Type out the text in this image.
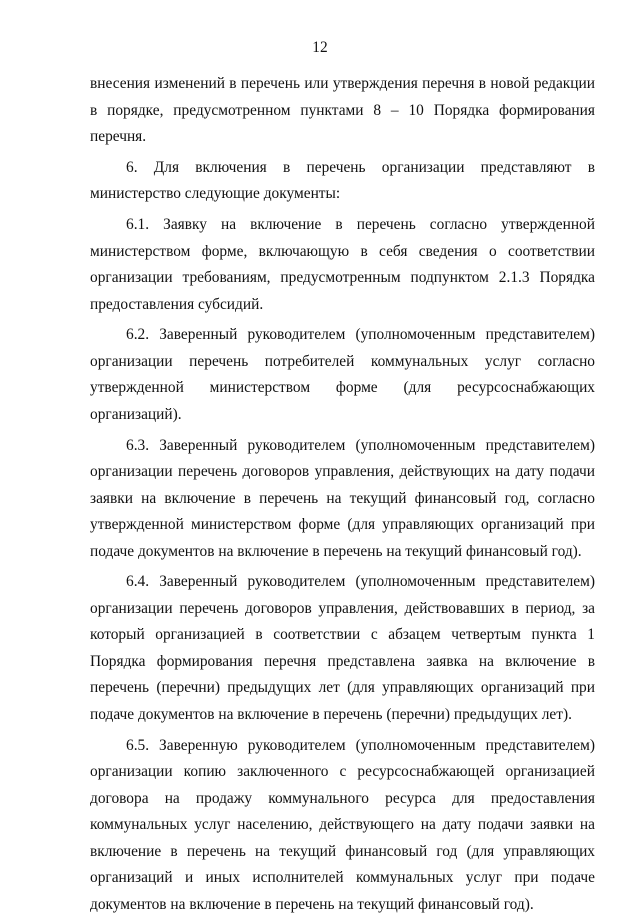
12

внесения изменений в перечень или утверждения перечня в новой редакции в порядке, предусмотренном пунктами 8 – 10 Порядка формирования перечня.

6. Для включения в перечень организации представляют в министерство следующие документы:

6.1. Заявку на включение в перечень согласно утвержденной министерством форме, включающую в себя сведения о соответствии организации требованиям, предусмотренным подпунктом 2.1.3 Порядка предоставления субсидий.

6.2. Заверенный руководителем (уполномоченным представителем) организации перечень потребителей коммунальных услуг согласно утвержденной министерством форме (для ресурсоснабжающих организаций).

6.3. Заверенный руководителем (уполномоченным представителем) организации перечень договоров управления, действующих на дату подачи заявки на включение в перечень на текущий финансовый год, согласно утвержденной министерством форме (для управляющих организаций при подаче документов на включение в перечень на текущий финансовый год).

6.4. Заверенный руководителем (уполномоченным представителем) организации перечень договоров управления, действовавших в период, за который организацией в соответствии с абзацем четвертым пункта 1 Порядка формирования перечня представлена заявка на включение в перечень (перечни) предыдущих лет (для управляющих организаций при подаче документов на включение в перечень (перечни) предыдущих лет).

6.5. Заверенную руководителем (уполномоченным представителем) организации копию заключенного с ресурсоснабжающей организацией договора на продажу коммунального ресурса для предоставления коммунальных услуг населению, действующего на дату подачи заявки на включение в перечень на текущий финансовый год (для управляющих организаций и иных исполнителей коммунальных услуг при подаче документов на включение в перечень на текущий финансовый год).
